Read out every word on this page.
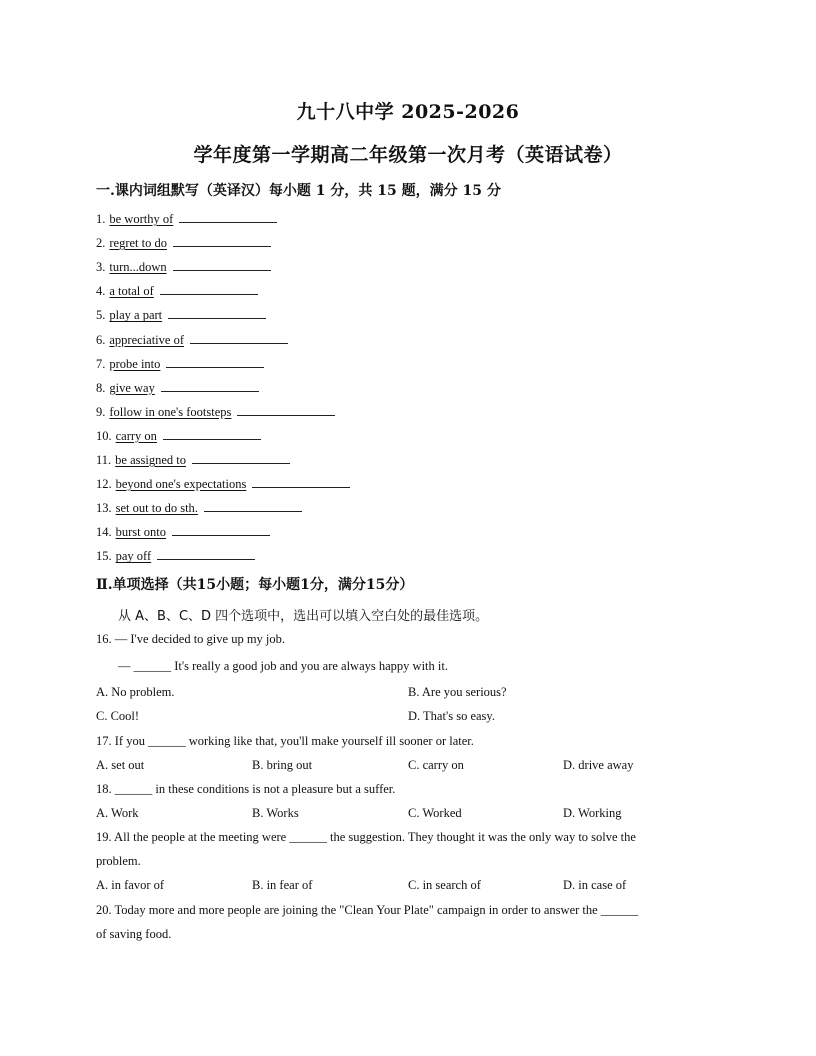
九十八中学 2025-2026
学年度第一学期高二年级第一次月考（英语试卷）
一.课内词组默写（英译汉）每小题 1 分，共 15 题，满分 15 分
1. be worthy of
2. regret to do
3. turn...down
4. a total of
5. play a part
6. appreciative of
7. probe into
8. give way
9. follow in one's footsteps
10. carry on
11. be assigned to
12. beyond one's expectations
13. set out to do sth.
14. burst onto
15. pay off
Ⅱ.单项选择（共15小题；每小题1分，满分15分）
从 A、B、C、D 四个选项中，选出可以填入空白处的最佳选项。
16. — I've decided to give up my job.
— ______ It's really a good job and you are always happy with it.
A. No problem.	B. Are you serious?
C. Cool!	D. That's so easy.
17. If you ______ working like that, you'll make yourself ill sooner or later.
A. set out	B. bring out	C. carry on	D. drive away
18. ______ in these conditions is not a pleasure but a suffer.
A. Work	B. Works	C. Worked	D. Working
19. All the people at the meeting were ______ the suggestion. They thought it was the only way to solve the
problem.
A. in favor of	B. in fear of	C. in search of	D. in case of
20. Today more and more people are joining the "Clean Your Plate" campaign in order to answer the ______
of saving food.
